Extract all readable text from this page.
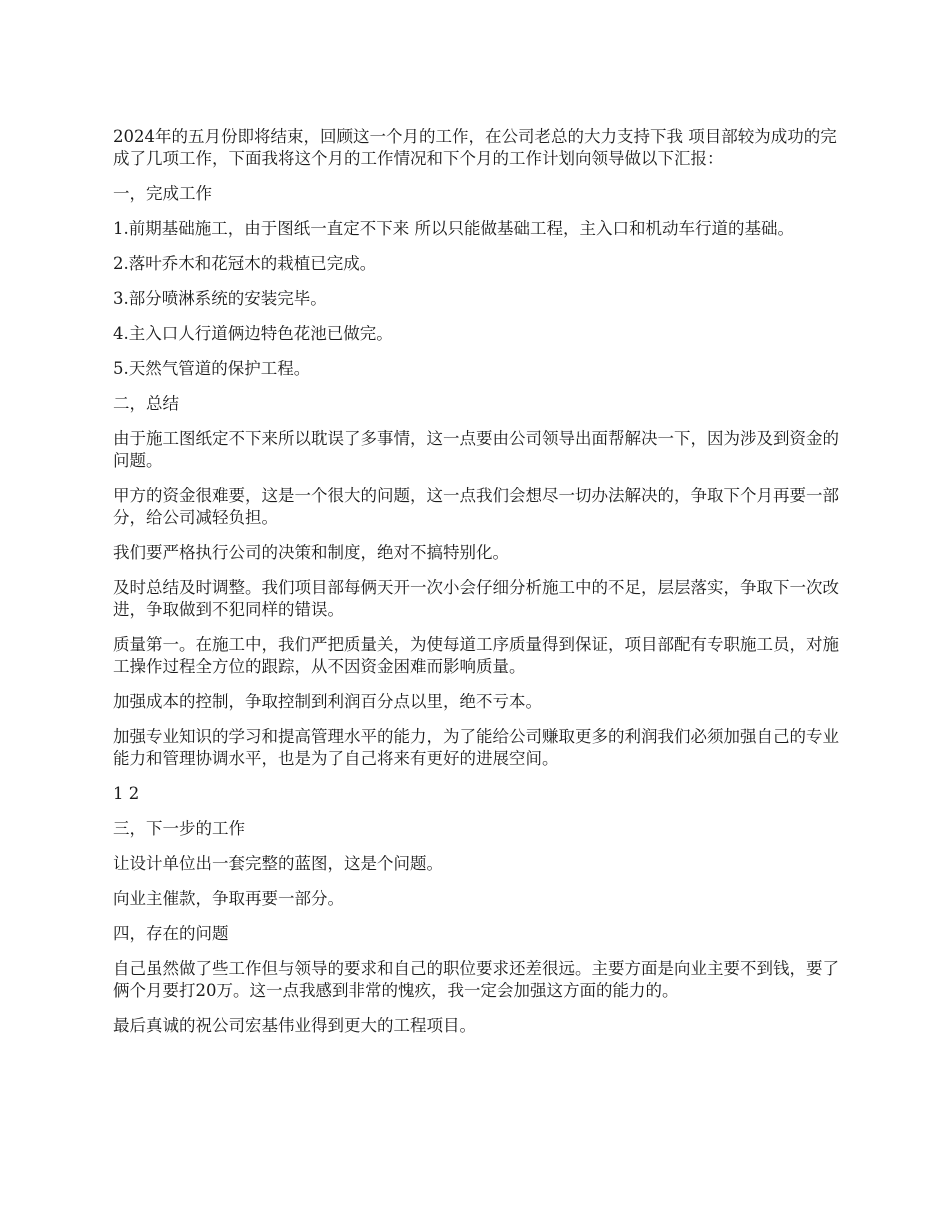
2024年的五月份即将结束，回顾这一个月的工作，在公司老总的大力支持下我 项目部较为成功的完成了几项工作，下面我将这个月的工作情况和下个月的工作计划向领导做以下汇报：

一，完成工作

1.前期基础施工，由于图纸一直定不下来 所以只能做基础工程，主入口和机动车行道的基础。

2.落叶乔木和花冠木的栽植已完成。

3.部分喷淋系统的安装完毕。

4.主入口人行道俩边特色花池已做完。

5.天然气管道的保护工程。

二，总结

由于施工图纸定不下来所以耽误了多事情，这一点要由公司领导出面帮解决一下，因为涉及到资金的问题。

甲方的资金很难要，这是一个很大的问题，这一点我们会想尽一切办法解决的，争取下个月再要一部分，给公司减轻负担。

我们要严格执行公司的决策和制度，绝对不搞特别化。

及时总结及时调整。我们项目部每俩天开一次小会仔细分析施工中的不足，层层落实，争取下一次改进，争取做到不犯同样的错误。

质量第一。在施工中，我们严把质量关，为使每道工序质量得到保证，项目部配有专职施工员，对施工操作过程全方位的跟踪，从不因资金困难而影响质量。

加强成本的控制，争取控制到利润百分点以里，绝不亏本。

加强专业知识的学习和提高管理水平的能力，为了能给公司赚取更多的利润我们必须加强自己的专业能力和管理协调水平，也是为了自己将来有更好的进展空间。

1 2

三，下一步的工作

让设计单位出一套完整的蓝图，这是个问题。

向业主催款，争取再要一部分。

四，存在的问题

自己虽然做了些工作但与领导的要求和自己的职位要求还差很远。主要方面是向业主要不到钱，要了俩个月要打20万。这一点我感到非常的愧疚，我一定会加强这方面的能力的。

最后真诚的祝公司宏基伟业得到更大的工程项目。
